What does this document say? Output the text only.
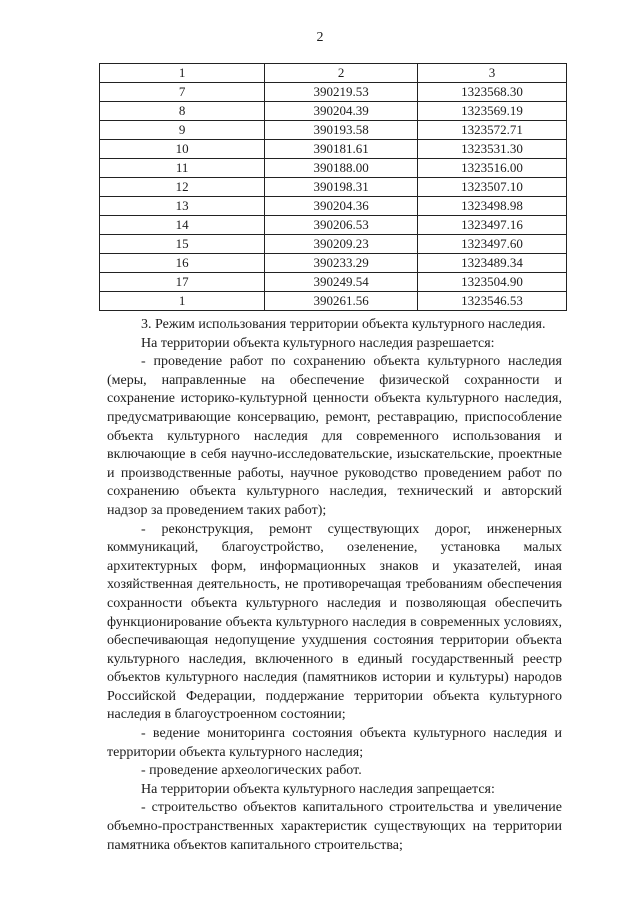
2
1	2	3
7	390219.53	1323568.30
8	390204.39	1323569.19
9	390193.58	1323572.71
10	390181.61	1323531.30
11	390188.00	1323516.00
12	390198.31	1323507.10
13	390204.36	1323498.98
14	390206.53	1323497.16
15	390209.23	1323497.60
16	390233.29	1323489.34
17	390249.54	1323504.90
1	390261.56	1323546.53

3. Режим использования территории объекта культурного наследия.

На территории объекта культурного наследия разрешается:

- проведение работ по сохранению объекта культурного наследия (меры, направленные на обеспечение физической сохранности и сохранение историко-культурной ценности объекта культурного наследия, предусматривающие консервацию, ремонт, реставрацию, приспособление объекта культурного наследия для современного использования и включающие в себя научно-исследовательские, изыскательские, проектные и производственные работы, научное руководство проведением работ по сохранению объекта культурного наследия, технический и авторский надзор за проведением таких работ);

- реконструкция, ремонт существующих дорог, инженерных коммуникаций, благоустройство, озеленение, установка малых архитектурных форм, информационных знаков и указателей, иная хозяйственная деятельность, не противоречащая требованиям обеспечения сохранности объекта культурного наследия и позволяющая обеспечить функционирование объекта культурного наследия в современных условиях, обеспечивающая недопущение ухудшения состояния территории объекта культурного наследия, включенного в единый государственный реестр объектов культурного наследия (памятников истории и культуры) народов Российской Федерации, поддержание территории объекта культурного наследия в благоустроенном состоянии;

- ведение мониторинга состояния объекта культурного наследия и территории объекта культурного наследия;

- проведение археологических работ.

На территории объекта культурного наследия запрещается:

- строительство объектов капитального строительства и увеличение объемно-пространственных характеристик существующих на территории памятника объектов капитального строительства;
